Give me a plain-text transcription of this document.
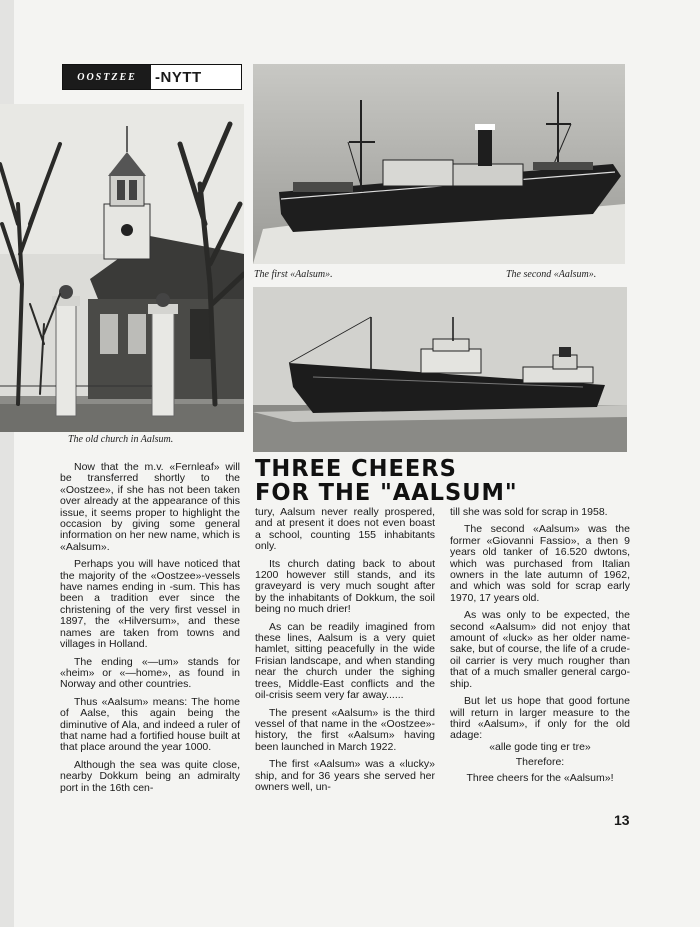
OOSTZEE	-NYTT
The old church in Aalsum.
The first «Aalsum».	The second «Aalsum».
THREE CHEERS
FOR THE "AALSUM"

Now that the m.v. «Fernleaf» will be transferred shortly to the «Oostzee», if she has not been taken over already at the appearance of this issue, it seems proper to highlight the occasion by giving some general information on her new name, which is «Aalsum».

Perhaps you will have noticed that the majority of the «Oostzee»-vessels have names ending in -sum. This has been a tradition ever since the christening of the very first vessel in 1897, the «Hilversum», and these names are taken from towns and villages in Holland.

The ending «—um» stands for «heim» or «—home», as found in Norway and other countries.

Thus «Aalsum» means: The home of Aalse, this again being the diminutive of Ala, and indeed a ruler of that name had a fortified house built at that place around the year 1000.

Although the sea was quite close, nearby Dokkum being an admiralty port in the 16th cen-

tury, Aalsum never really prospered, and at present it does not even boast a school, counting 155 inhabitants only.

Its church dating back to about 1200 however still stands, and its graveyard is very much sought after by the inhabitants of Dokkum, the soil being no much drier!

As can be readily imagined from these lines, Aalsum is a very quiet hamlet, sitting peacefully in the wide Frisian landscape, and when standing near the church under the sighing trees, Middle-East conflicts and the oil-crisis seem very far away......

The present «Aalsum» is the third vessel of that name in the «Oostzee»-history, the first «Aalsum» having been launched in March 1922.

The first «Aalsum» was a «lucky» ship, and for 36 years she served her owners well, un-

till she was sold for scrap in 1958.

The second «Aalsum» was the former «Giovanni Fassio», a then 9 years old tanker of 16.520 dwtons, which was purchased from Italian owners in the late autumn of 1962, and which was sold for scrap early 1970, 17 years old.

As was only to be expected, the second «Aalsum» did not enjoy that amount of «luck» as her older name-sake, but of course, the life of a crude-oil carrier is very much rougher than that of a much smaller general cargo-ship.

But let us hope that good fortune will return in larger measure to the third «Aalsum», if only for the old adage:

«alle gode ting er tre»

Therefore:

Three cheers for the «Aalsum»!

13
